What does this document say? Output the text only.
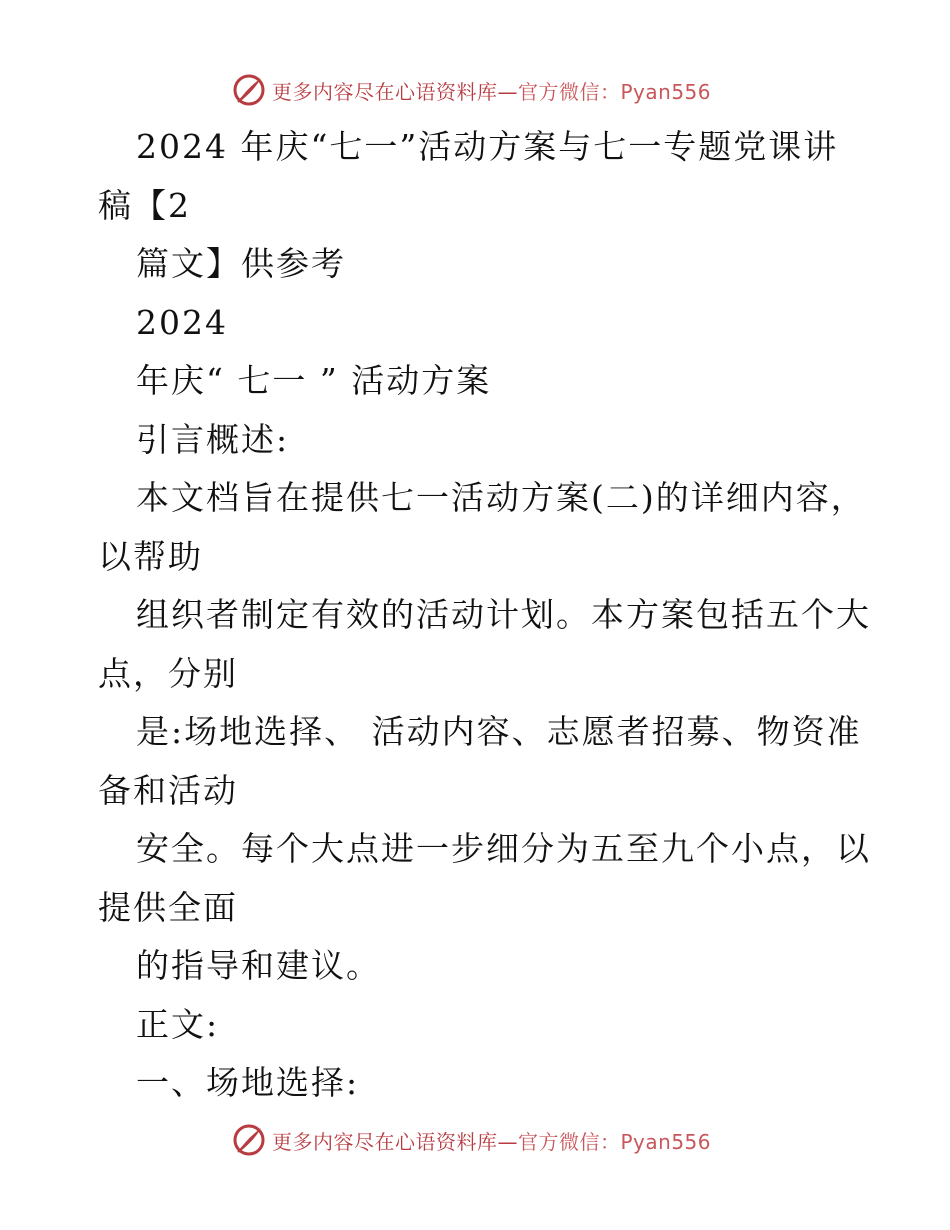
更多内容尽在心语资料库—官方微信：Pyan556
2024 年庆“七一”活动方案与七一专题党课讲
稿【2
篇文】供参考
2024
年庆“ 七一 ” 活动方案
引言概述:
本文档旨在提供七一活动方案(二)的详细内容，
以帮助
组织者制定有效的活动计划。本方案包括五个大
点，分别
是:场地选择、 活动内容、志愿者招募、物资准
备和活动
安全。每个大点进一步细分为五至九个小点，以
提供全面
的指导和建议。
正文:
一、场地选择:
更多内容尽在心语资料库—官方微信：Pyan556
